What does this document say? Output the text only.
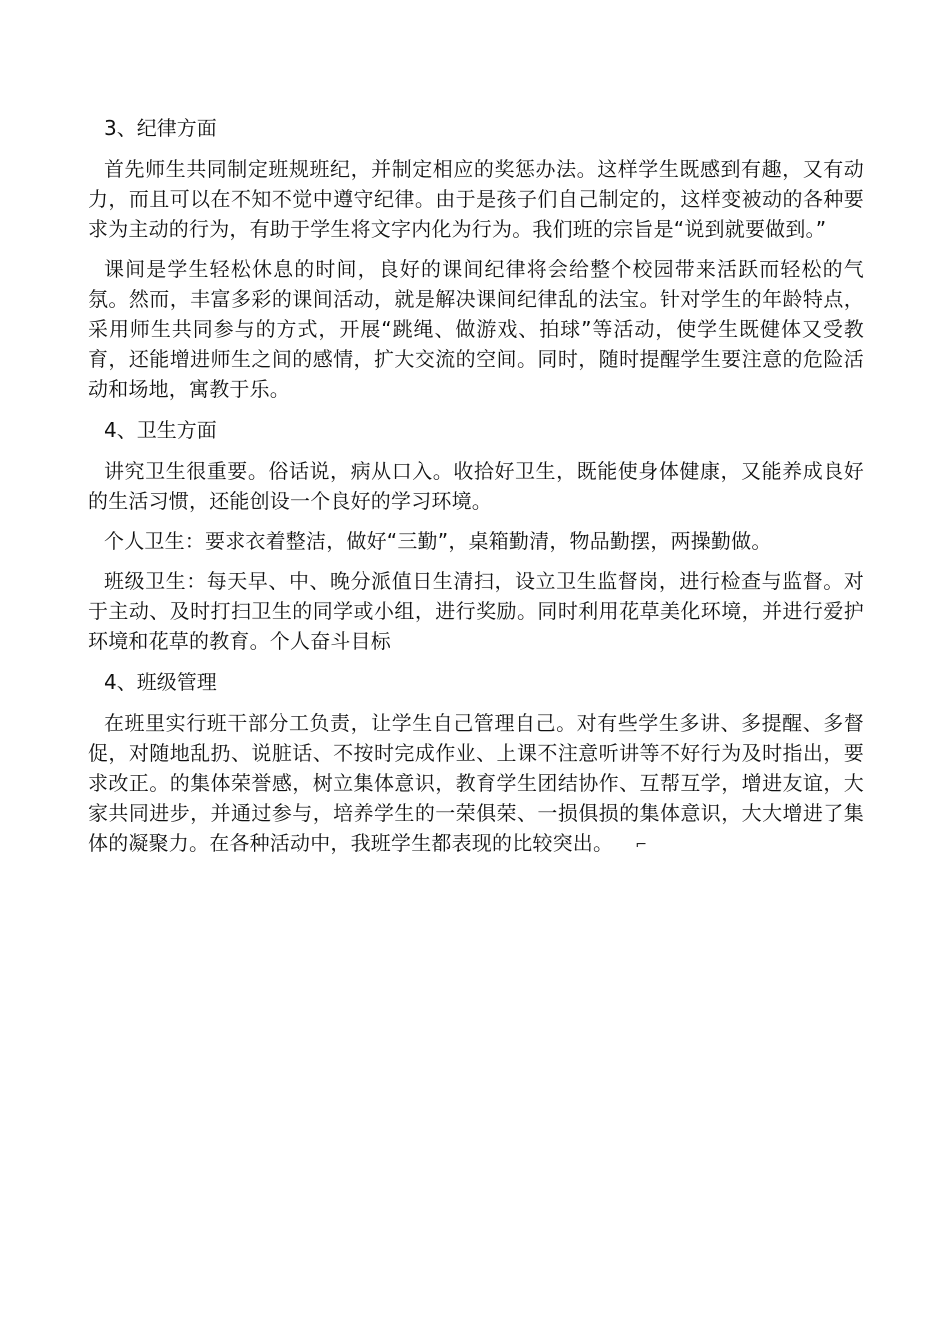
3、纪律方面

首先师生共同制定班规班纪，并制定相应的奖惩办法。这样学生既感到有趣，又有动力，而且可以在不知不觉中遵守纪律。由于是孩子们自己制定的，这样变被动的各种要求为主动的行为，有助于学生将文字内化为行为。我们班的宗旨是“说到就要做到。”

课间是学生轻松休息的时间，良好的课间纪律将会给整个校园带来活跃而轻松的气氛。然而，丰富多彩的课间活动，就是解决课间纪律乱的法宝。针对学生的年龄特点，采用师生共同参与的方式，开展“跳绳、做游戏、拍球”等活动，使学生既健体又受教育，还能增进师生之间的感情，扩大交流的空间。同时，随时提醒学生要注意的危险活动和场地，寓教于乐。

4、卫生方面

讲究卫生很重要。俗话说，病从口入。收拾好卫生，既能使身体健康，又能养成良好的生活习惯，还能创设一个良好的学习环境。

个人卫生：要求衣着整洁，做好“三勤”，桌箱勤清，物品勤摆，两操勤做。

班级卫生：每天早、中、晚分派值日生清扫，设立卫生监督岗，进行检查与监督。对于主动、及时打扫卫生的同学或小组，进行奖励。同时利用花草美化环境，并进行爱护环境和花草的教育。个人奋斗目标

4、班级管理

在班里实行班干部分工负责，让学生自己管理自己。对有些学生多讲、多提醒、多督促，对随地乱扔、说脏话、不按时完成作业、上课不注意听讲等不好行为及时指出，要求改正。的集体荣誉感，树立集体意识，教育学生团结协作、互帮互学，增进友谊，大家共同进步，并通过参与，培养学生的一荣俱荣、一损俱损的集体意识，大大增进了集体的凝聚力。在各种活动中，我班学生都表现的比较突出。 ⌐
